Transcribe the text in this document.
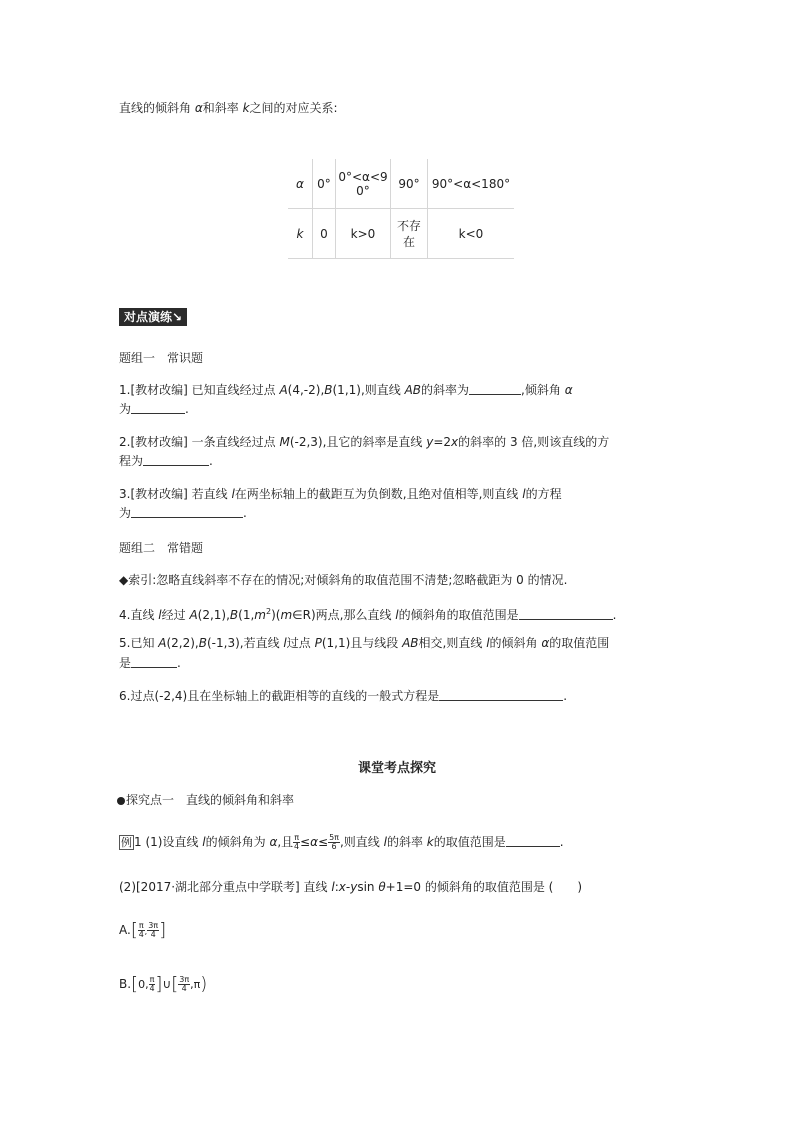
直线的倾斜角 α和斜率 k之间的对应关系:
α	0°	0°<α<90°	90°	90°<α<180°
k	0	k>0	不存在	k<0
对点演练↘
题组一　常识题
1.[教材改编] 已知直线经过点 A(4,-2),B(1,1),则直线 AB的斜率为	,倾斜角 α
为	.
2.[教材改编] 一条直线经过点 M(-2,3),且它的斜率是直线 y=2x的斜率的 3 倍,则该直线的方
程为	.
3.[教材改编] 若直线 l在两坐标轴上的截距互为负倒数,且绝对值相等,则直线 l的方程
为	.
题组二　常错题
◆索引:忽略直线斜率不存在的情况;对倾斜角的取值范围不清楚;忽略截距为 0 的情况.
4.直线 l经过 $A(2,1),B(1,m^2)(m\in R)$两点,那么直线 l的倾斜角的取值范围是	.
5.已知 A(2,2),B(-1,3),若直线 l过点 P(1,1)且与线段 AB相交,则直线 l的倾斜角 α的取值范围
是	.
6.过点(-2,4)且在坐标轴上的截距相等的直线的一般式方程是	.
课堂考点探究
探究点一　直线的倾斜角和斜率
例 1 (1)设直线 l的倾斜角为 α,且 $\frac{\pi}{4} \le\alpha\le \frac{5\pi}{6}$ ,则直线 l的斜率 k的取值范围是	.
(2)[2017·湖北部分重点中学联考] 直线 l:x-ysin θ+1=0 的倾斜角的取值范围是 (　　)
$A.[ \frac{\pi}{4}$ , $\frac{3\pi}{4}$ ]
B.[0, $\frac{\pi}{4}$ ]∪[ $\frac{3\pi}{4} ,\pi$)
